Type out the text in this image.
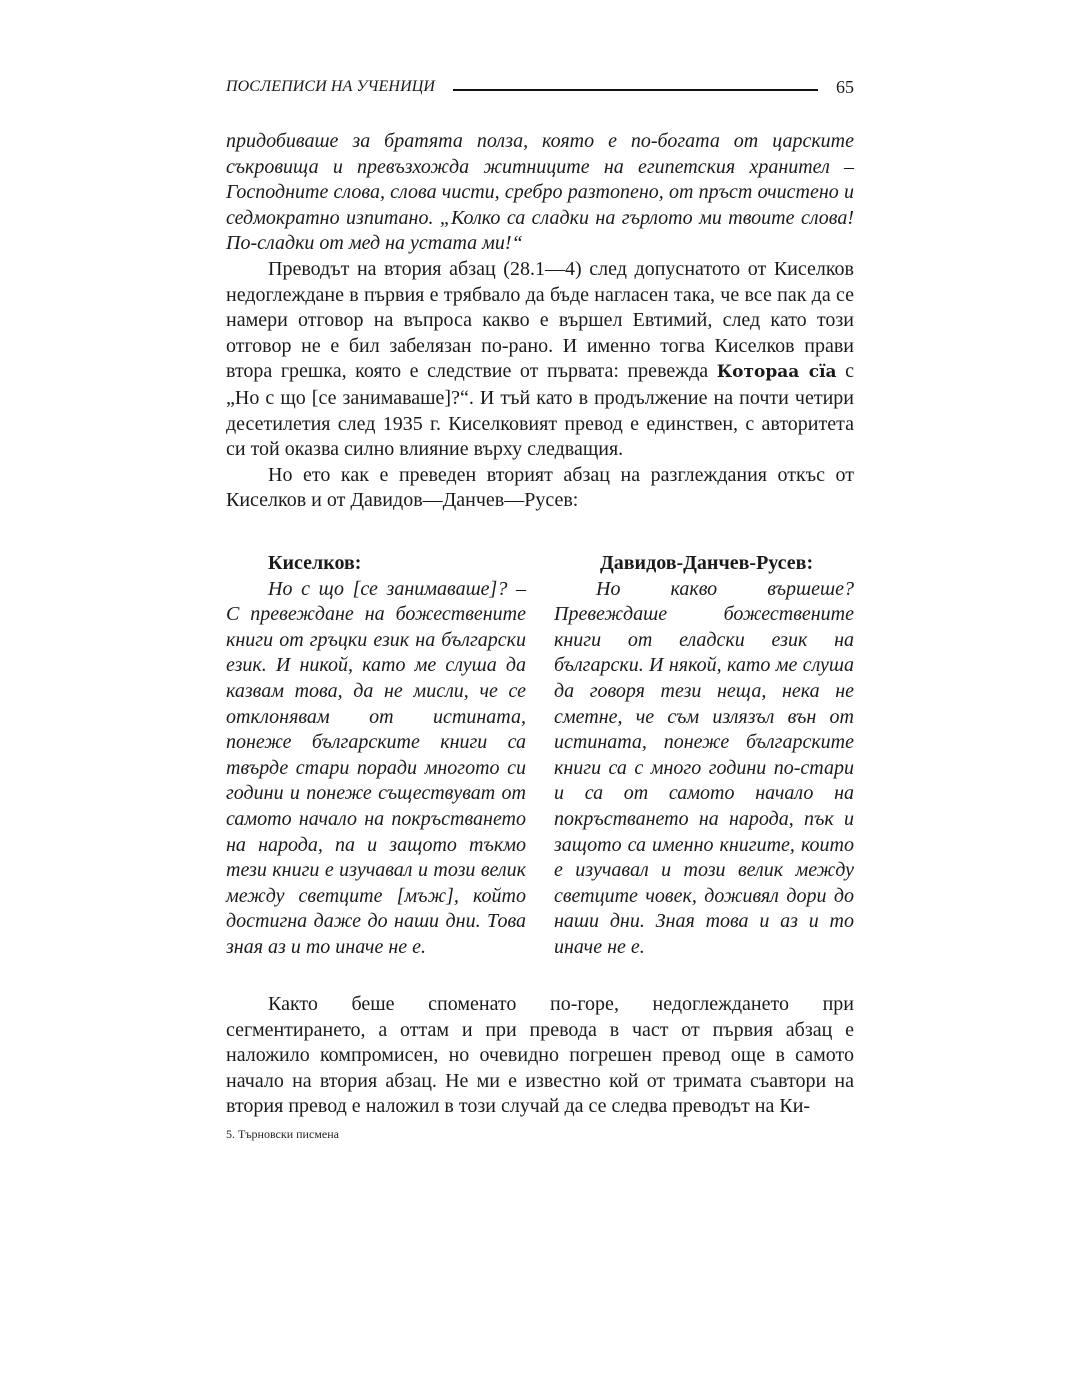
ПОСЛЕПИСИ НА УЧЕНИЦИ	65

придобиваше за братята полза, която е по-богата от царските съкровища и превъзхожда житниците на египетския хранител – Господните слова, слова чисти, сребро разтопено, от пръст очистено и седмократно изпитано. „Колко са сладки на гърлото ми твоите слова! По-сладки от мед на устата ми!“

Преводът на втория абзац (28.1—4) след допуснатото от Киселков недоглеждане в първия е трябвало да бъде нагласен така, че все пак да се намери отговор на въпроса какво е вършел Евтимий, след като този отговор не е бил забелязан по-рано. И именно тогва Киселков прави втора грешка, която е следствие от първата: превежда Котораа сїа с „Но с що [се занимаваше]?“. И тъй като в продължение на почти четири десетилетия след 1935 г. Киселковият превод е единствен, с авторитета си той оказва силно влияние върху следващия.

Но ето как е преведен вторият абзац на разглеждания откъс от Киселков и от Давидов—Данчев—Русев:

Киселков:

Но с що [се занимаваше]? – С превеждане на божествените книги от гръцки език на български език. И никой, като ме слуша да казвам това, да не мисли, че се отклонявам от истината, понеже българските книги са твърде стари поради многото си години и понеже съществуват от самото начало на покръстването на народа, па и защото тъкмо тези книги е изучавал и този велик между светците [мъж], който достигна даже до наши дни. Това зная аз и то иначе не е.

Давидов-Данчев-Русев:

Но какво вършеше? Превеждаше божествените книги от еладски език на български. И някой, като ме слуша да говоря тези неща, нека не сметне, че съм излязъл вън от истината, понеже българските книги са с много години по-стари и са от самото начало на покръстването на народа, пък и защото са именно книгите, които е изучавал и този велик между светците човек, доживял дори до наши дни. Зная това и аз и то иначе не е.

Както беше споменато по-горе, недоглеждането при сегментирането, а оттам и при превода в част от първия абзац е наложило компромисен, но очевидно погрешен превод още в самото начало на втория абзац. Не ми е известно кой от тримата съавтори на втория превод е наложил в този случай да се следва преводът на Ки-

5. Търновски писмена
